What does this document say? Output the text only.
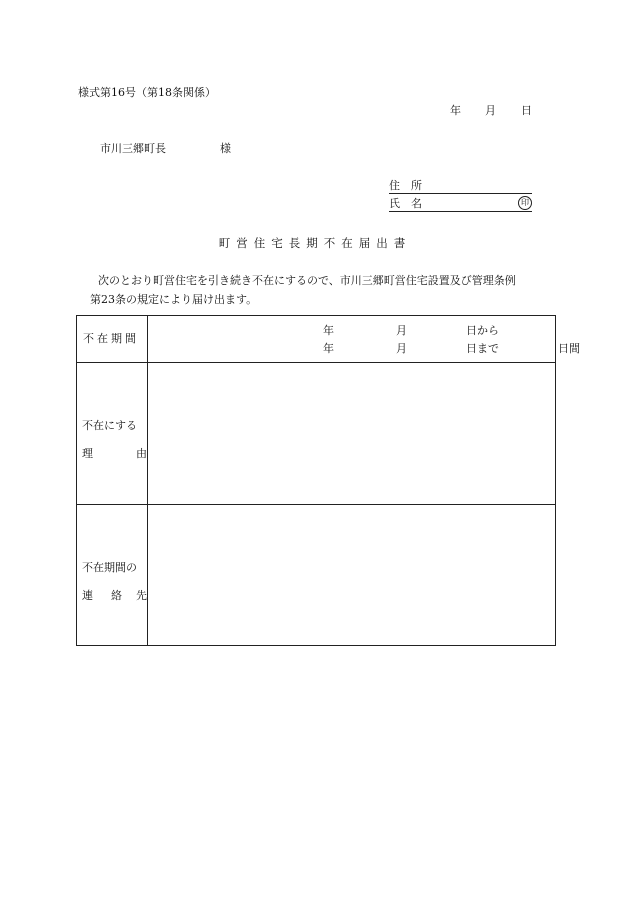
様式第16号（第18条関係）
年 月 日
市川三郷町長	様
住　所
氏　名	印
町営住宅長期不在届出書
次のとおり町営住宅を引き続き不在にするので、市川三郷町営住宅設置及び管理条例
第23条の規定により届け出ます。
不在期間
年	月	日から
年	月	日まで	日間
不在にする
理	由
不在期間の
連 絡 先
